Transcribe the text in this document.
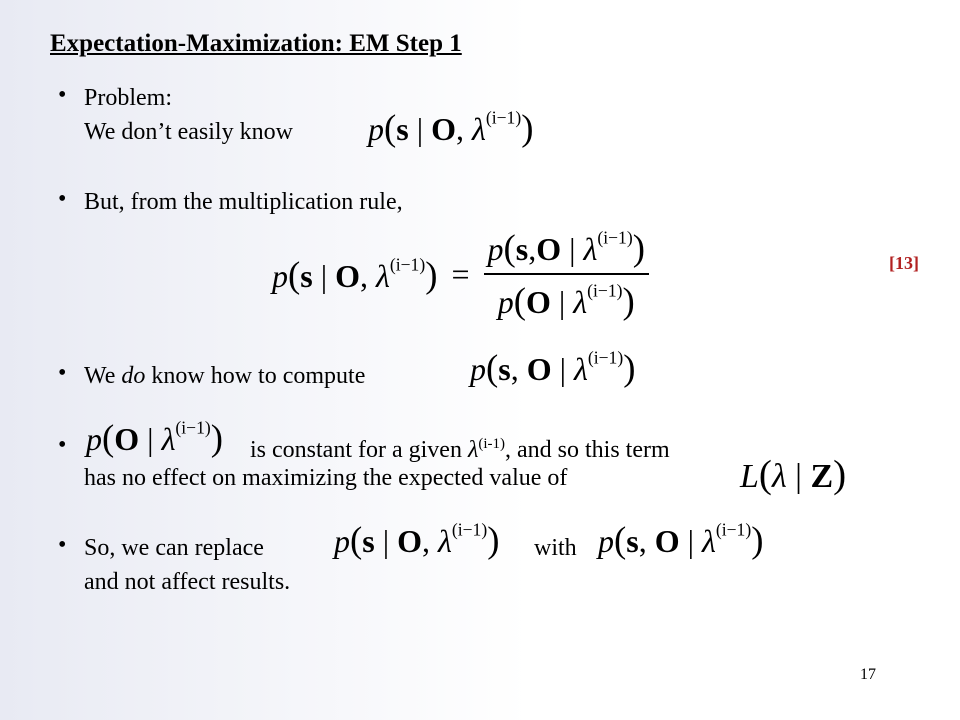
Expectation-Maximization: EM Step 1
• Problem:
We don’t easily know p(s | O, $\lambda^{(i-1)}$)
• But, from the multiplication rule,
p(s | O, $\lambda^{(i-1)}) = \frac{p(s,O | \lambda^{(i-1)})}{p(O | \lambda^{(i-1)})}$	[13]
• We do know how to compute	p(s, O | $\lambda^{(i-1)}$)
• p(O | $\lambda^{(i-1)}$) is constant for a given $\lambda^{(i-1)}$, and so this term
has no effect on maximizing the expected value of	L(λ | Z)
• So, we can replace p(s | O, $\lambda^{(i-1)}$) with p(s, O | $\lambda^{(i-1)}$)
and not affect results.
17
